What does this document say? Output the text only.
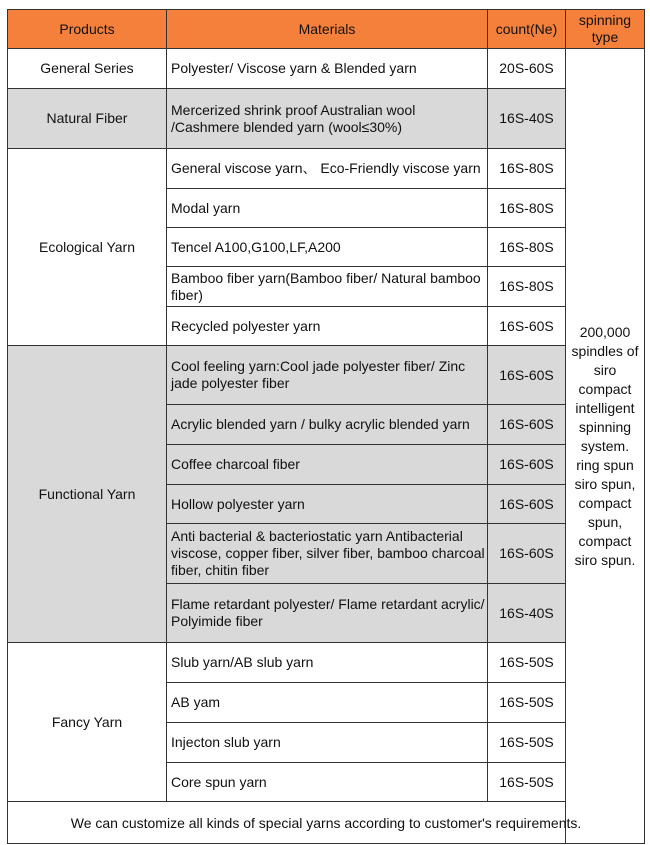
Products	Materials	count(Ne)	spinning type
General Series	Polyester/ Viscose yarn & Blended yarn	20S-60S	200,000 spindles of siro compact intelligent spinning system. ring spun siro spun, compact spun, compact siro spun.
Natural Fiber	Mercerized shrink proof Australian wool /Cashmere blended yarn (wool≤30%)	16S-40S	
Ecological Yarn	General viscose yarn、 Eco-Friendly viscose yarn	16S-80S	
	Modal yarn	16S-80S	
	Tencel A100,G100,LF,A200	16S-80S	
	Bamboo fiber yarn(Bamboo fiber/ Natural bamboo fiber)	16S-80S	
	Recycled polyester yarn	16S-60S	
Functional Yarn	Cool feeling yarn:Cool jade polyester fiber/ Zinc jade polyester fiber	16S-60S	
	Acrylic blended yarn / bulky acrylic blended yarn	16S-60S	
	Coffee charcoal fiber	16S-60S	
	Hollow polyester yarn	16S-60S	
	Anti bacterial & bacteriostatic yarn Antibacterial viscose, copper fiber, silver fiber, bamboo charcoal fiber, chitin fiber	16S-60S	
	Flame retardant polyester/ Flame retardant acrylic/ Polyimide fiber	16S-40S	
Fancy Yarn	Slub yarn/AB slub yarn	16S-50S	
	AB yam	16S-50S	
	Injecton slub yarn	16S-50S	
	Core spun yarn	16S-50S	
We can customize all kinds of special yarns according to customer's requirements.			
